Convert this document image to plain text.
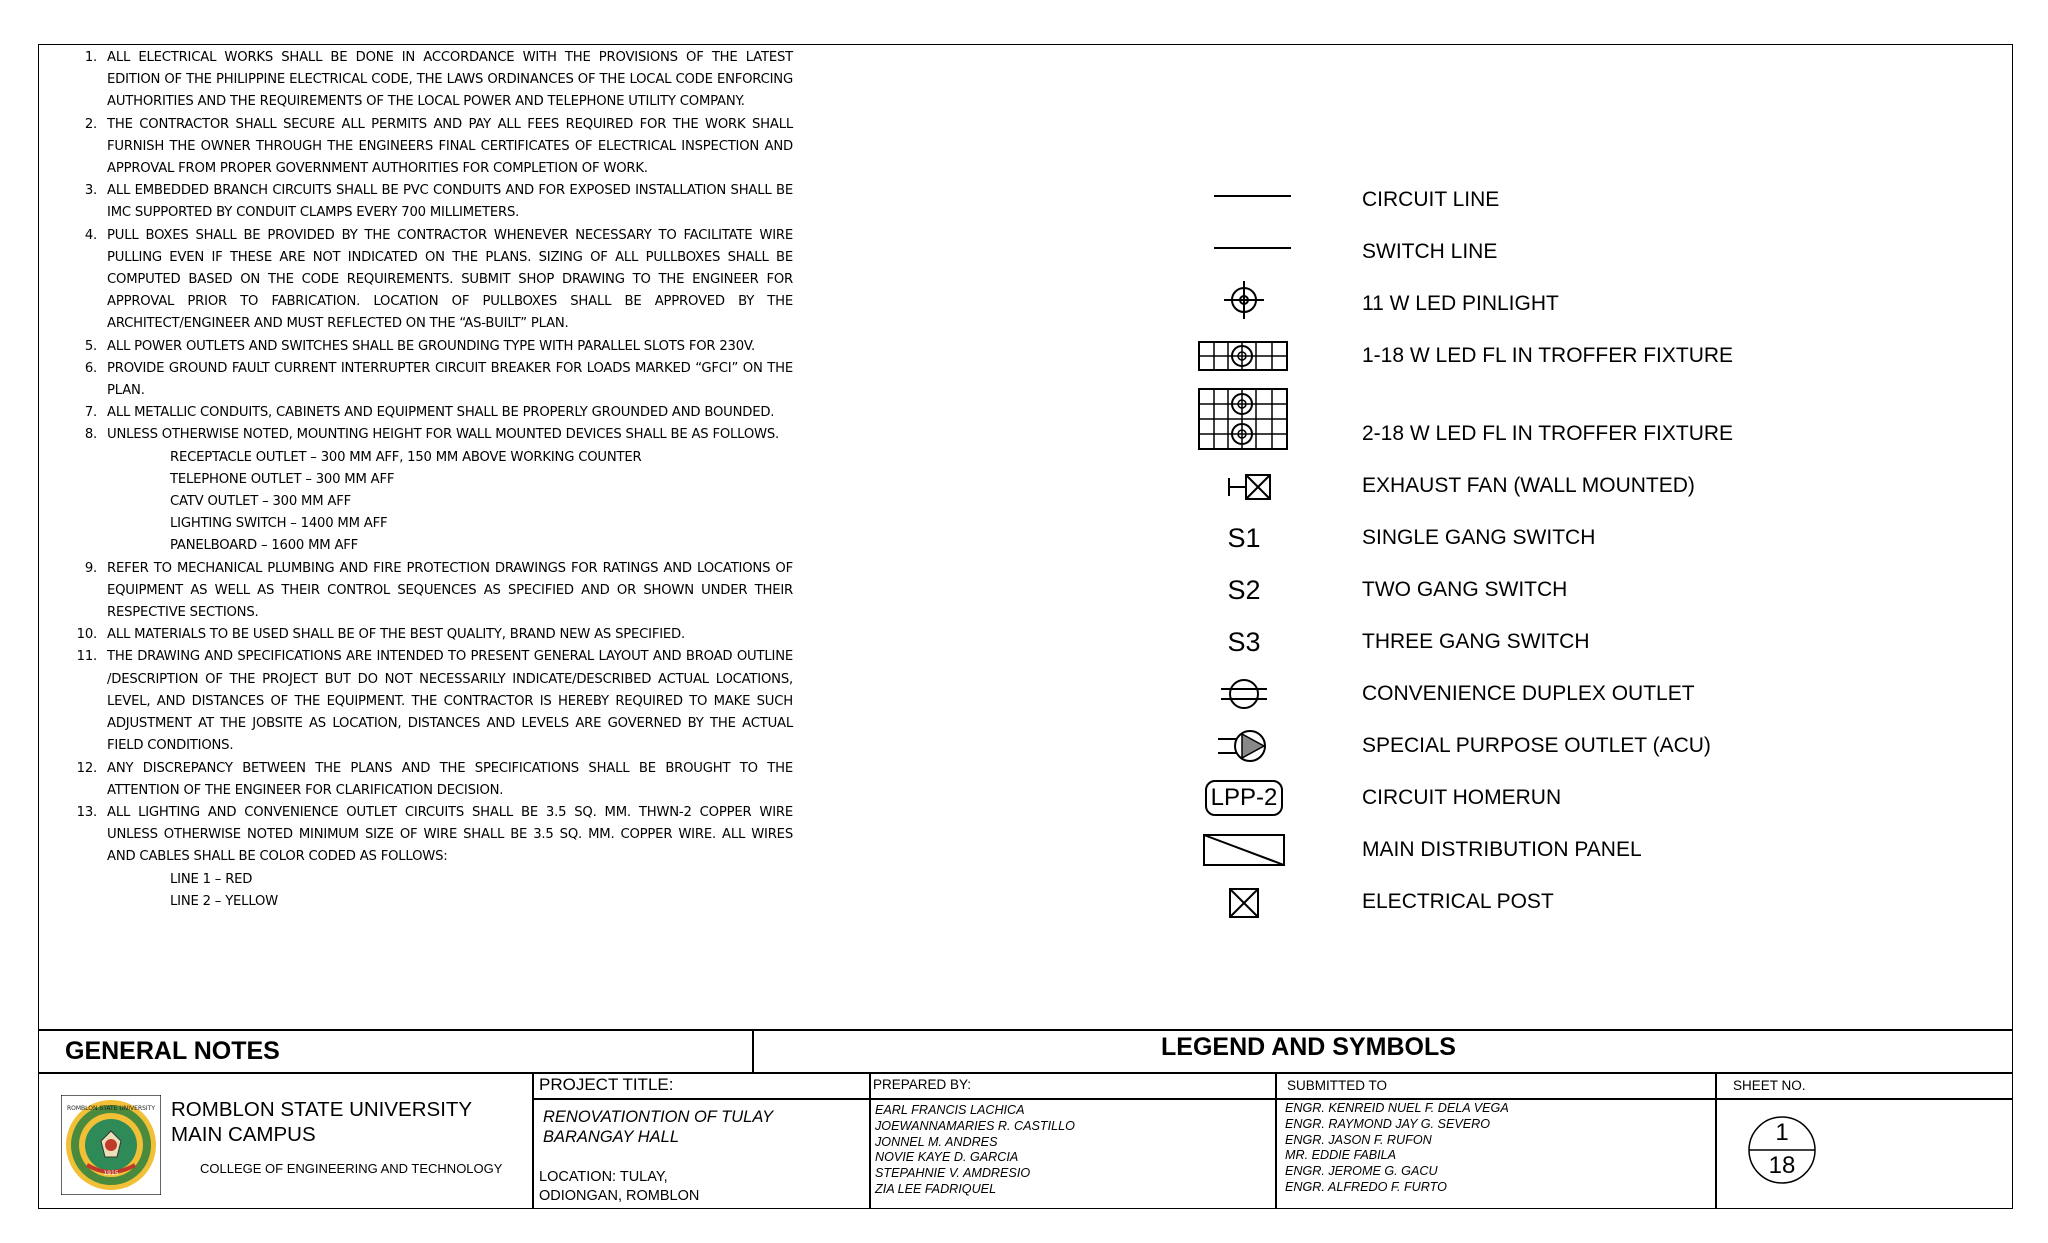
1. ALL ELECTRICAL WORKS SHALL BE DONE IN ACCORDANCE WITH THE PROVISIONS OF THE LATEST EDITION OF THE PHILIPPINE ELECTRICAL CODE, THE LAWS ORDINANCES OF THE LOCAL CODE ENFORCING AUTHORITIES AND THE REQUIREMENTS OF THE LOCAL POWER AND TELEPHONE UTILITY COMPANY.
2. THE CONTRACTOR SHALL SECURE ALL PERMITS AND PAY ALL FEES REQUIRED FOR THE WORK SHALL FURNISH THE OWNER THROUGH THE ENGINEERS FINAL CERTIFICATES OF ELECTRICAL INSPECTION AND APPROVAL FROM PROPER GOVERNMENT AUTHORITIES FOR COMPLETION OF WORK.
3. ALL EMBEDDED BRANCH CIRCUITS SHALL BE PVC CONDUITS AND FOR EXPOSED INSTALLATION SHALL BE IMC SUPPORTED BY CONDUIT CLAMPS EVERY 700 MILLIMETERS.
4. PULL BOXES SHALL BE PROVIDED BY THE CONTRACTOR WHENEVER NECESSARY TO FACILITATE WIRE PULLING EVEN IF THESE ARE NOT INDICATED ON THE PLANS. SIZING OF ALL PULLBOXES SHALL BE COMPUTED BASED ON THE CODE REQUIREMENTS. SUBMIT SHOP DRAWING TO THE ENGINEER FOR APPROVAL PRIOR TO FABRICATION. LOCATION OF PULLBOXES SHALL BE APPROVED BY THE ARCHITECT/ENGINEER AND MUST REFLECTED ON THE “AS-BUILT” PLAN.
5. ALL POWER OUTLETS AND SWITCHES SHALL BE GROUNDING TYPE WITH PARALLEL SLOTS FOR 230V.
6. PROVIDE GROUND FAULT CURRENT INTERRUPTER CIRCUIT BREAKER FOR LOADS MARKED “GFCI” ON THE PLAN.
7. ALL METALLIC CONDUITS, CABINETS AND EQUIPMENT SHALL BE PROPERLY GROUNDED AND BOUNDED.
8. UNLESS OTHERWISE NOTED, MOUNTING HEIGHT FOR WALL MOUNTED DEVICES SHALL BE AS FOLLOWS.
RECEPTACLE OUTLET – 300 MM AFF, 150 MM ABOVE WORKING COUNTER
TELEPHONE OUTLET – 300 MM AFF
CATV OUTLET – 300 MM AFF
LIGHTING SWITCH – 1400 MM AFF
PANELBOARD – 1600 MM AFF
9. REFER TO MECHANICAL PLUMBING AND FIRE PROTECTION DRAWINGS FOR RATINGS AND LOCATIONS OF EQUIPMENT AS WELL AS THEIR CONTROL SEQUENCES AS SPECIFIED AND OR SHOWN UNDER THEIR RESPECTIVE SECTIONS.
10. ALL MATERIALS TO BE USED SHALL BE OF THE BEST QUALITY, BRAND NEW AS SPECIFIED.
11. THE DRAWING AND SPECIFICATIONS ARE INTENDED TO PRESENT GENERAL LAYOUT AND BROAD OUTLINE /DESCRIPTION OF THE PROJECT BUT DO NOT NECESSARILY INDICATE/DESCRIBED ACTUAL LOCATIONS, LEVEL, AND DISTANCES OF THE EQUIPMENT. THE CONTRACTOR IS HEREBY REQUIRED TO MAKE SUCH ADJUSTMENT AT THE JOBSITE AS LOCATION, DISTANCES AND LEVELS ARE GOVERNED BY THE ACTUAL FIELD CONDITIONS.
12. ANY DISCREPANCY BETWEEN THE PLANS AND THE SPECIFICATIONS SHALL BE BROUGHT TO THE ATTENTION OF THE ENGINEER FOR CLARIFICATION DECISION.
13. ALL LIGHTING AND CONVENIENCE OUTLET CIRCUITS SHALL BE 3.5 SQ. MM. THWN-2 COPPER WIRE UNLESS OTHERWISE NOTED MINIMUM SIZE OF WIRE SHALL BE 3.5 SQ. MM. COPPER WIRE. ALL WIRES AND CABLES SHALL BE COLOR CODED AS FOLLOWS:
LINE 1 – RED
LINE 2 – YELLOW
CIRCUIT LINE
SWITCH LINE
11 W LED PINLIGHT
1-18 W LED FL IN TROFFER FIXTURE
2-18 W LED FL IN TROFFER FIXTURE
EXHAUST FAN (WALL MOUNTED)
S1	SINGLE GANG SWITCH
S2	TWO GANG SWITCH
S3	THREE GANG SWITCH
CONVENIENCE DUPLEX OUTLET
SPECIAL PURPOSE OUTLET (ACU)
LPP-2	CIRCUIT HOMERUN
MAIN DISTRIBUTION PANEL
ELECTRICAL POST
GENERAL NOTES	LEGEND AND SYMBOLS
1915
ROMBLON STATE UNIVERSITY ROMBLON STATE UNIVERSITY
MAIN CAMPUS
COLLEGE OF ENGINEERING AND TECHNOLOGY
PROJECT TITLE:
RENOVATIONTION OF TULAY
BARANGAY HALL
LOCATION: TULAY,
ODIONGAN, ROMBLON
PREPARED BY:
EARL FRANCIS LACHICA
JOEWANNAMARIES R. CASTILLO
JONNEL M. ANDRES
NOVIE KAYE D. GARCIA
STEPAHNIE V. AMDRESIO
ZIA LEE FADRIQUEL
SUBMITTED TO
ENGR. KENREID NUEL F. DELA VEGA
ENGR. RAYMOND JAY G. SEVERO
ENGR. JASON F. RUFON
MR. EDDIE FABILA
ENGR. JEROME G. GACU
ENGR. ALFREDO F. FURTO
SHEET NO.
1
18
